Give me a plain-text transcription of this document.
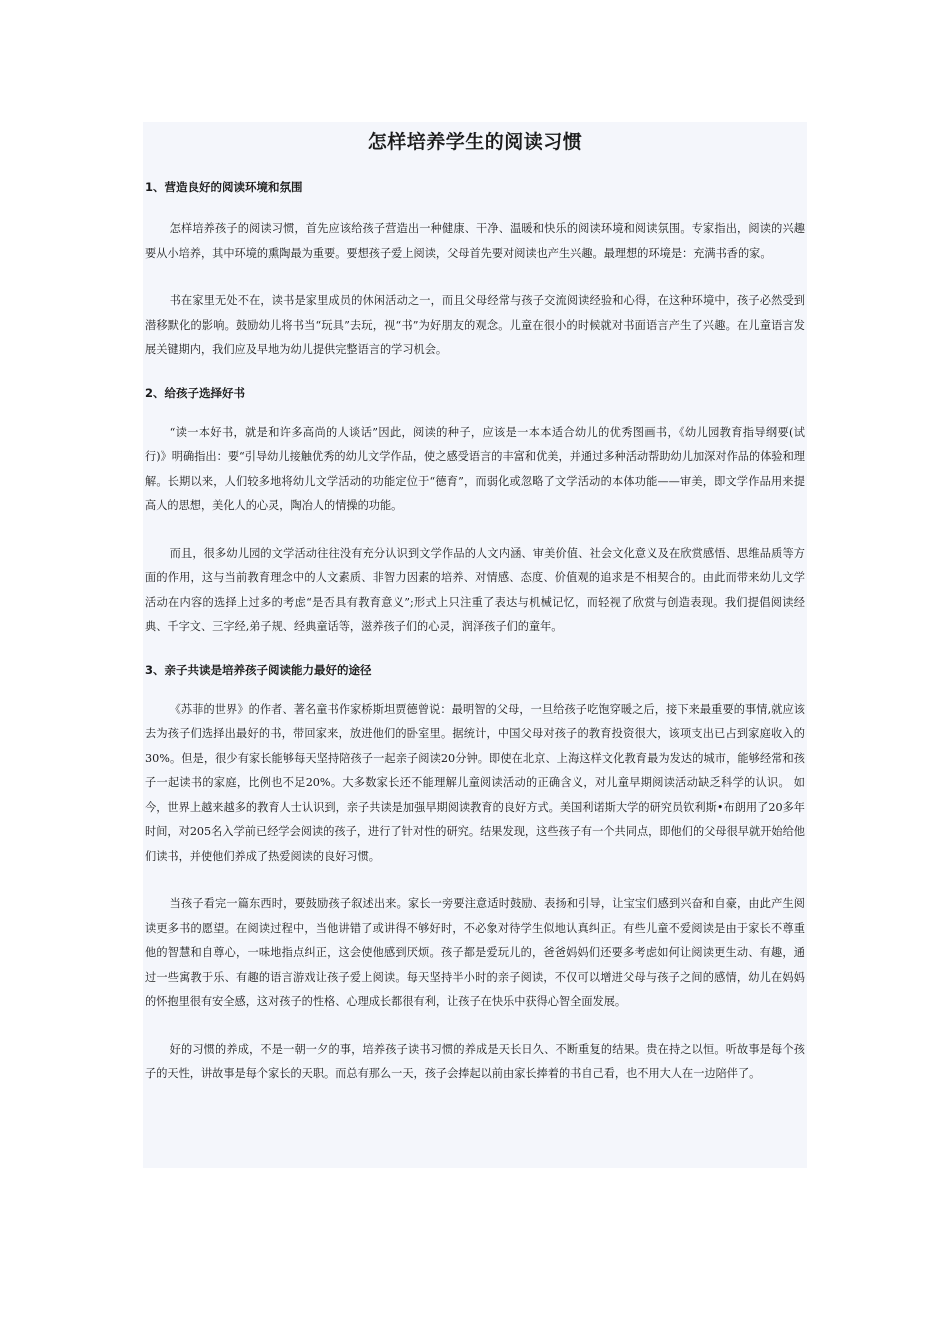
怎样培养学生的阅读习惯
1、营造良好的阅读环境和氛围

怎样培养孩子的阅读习惯，首先应该给孩子营造出一种健康、干净、温暖和快乐的阅读环境和阅读氛围。专家指出，阅读的兴趣要从小培养，其中环境的熏陶最为重要。要想孩子爱上阅读，父母首先要对阅读也产生兴趣。最理想的环境是：充满书香的家。

书在家里无处不在，读书是家里成员的休闲活动之一，而且父母经常与孩子交流阅读经验和心得，在这种环境中，孩子必然受到潜移默化的影响。鼓励幼儿将书当“玩具”去玩，视“书”为好朋友的观念。儿童在很小的时候就对书面语言产生了兴趣。在儿童语言发展关键期内，我们应及早地为幼儿提供完整语言的学习机会。

2、给孩子选择好书

“读一本好书，就是和许多高尚的人谈话”因此，阅读的种子，应该是一本本适合幼儿的优秀图画书，《幼儿园教育指导纲要(试行)》明确指出：要“引导幼儿接触优秀的幼儿文学作品，使之感受语言的丰富和优美，并通过多种活动帮助幼儿加深对作品的体验和理解。长期以来，人们较多地将幼儿文学活动的功能定位于“德育”，而弱化或忽略了文学活动的本体功能——审美，即文学作品用来提高人的思想，美化人的心灵，陶冶人的情操的功能。

而且，很多幼儿园的文学活动往往没有充分认识到文学作品的人文内涵、审美价值、社会文化意义及在欣赏感悟、思维品质等方面的作用，这与当前教育理念中的人文素质、非智力因素的培养、对情感、态度、价值观的追求是不相契合的。由此而带来幼儿文学活动在内容的选择上过多的考虑“是否具有教育意义”;形式上只注重了表达与机械记忆，而轻视了欣赏与创造表现。我们提倡阅读经典、千字文、三字经,弟子规、经典童话等，滋养孩子们的心灵，润泽孩子们的童年。

3、亲子共读是培养孩子阅读能力最好的途径

《苏菲的世界》的作者、著名童书作家桥斯坦贾德曾说：最明智的父母，一旦给孩子吃饱穿暖之后，接下来最重要的事情,就应该去为孩子们选择出最好的书，带回家来，放进他们的卧室里。据统计，中国父母对孩子的教育投资很大，该项支出已占到家庭收入的30%。但是，很少有家长能够每天坚持陪孩子一起亲子阅读20分钟。即使在北京、上海这样文化教育最为发达的城市，能够经常和孩子一起读书的家庭，比例也不足20%。大多数家长还不能理解儿童阅读活动的正确含义，对儿童早期阅读活动缺乏科学的认识。 如今，世界上越来越多的教育人士认识到，亲子共读是加强早期阅读教育的良好方式。美国利诺斯大学的研究员钦利斯•布朗用了20多年时间，对205名入学前已经学会阅读的孩子，进行了针对性的研究。结果发现，这些孩子有一个共同点，即他们的父母很早就开始给他们读书，并使他们养成了热爱阅读的良好习惯。

当孩子看完一篇东西时，要鼓励孩子叙述出来。家长一旁要注意适时鼓励、表扬和引导，让宝宝们感到兴奋和自豪，由此产生阅读更多书的愿望。在阅读过程中，当他讲错了或讲得不够好时，不必象对待学生似地认真纠正。有些儿童不爱阅读是由于家长不尊重他的智慧和自尊心，一味地指点纠正，这会使他感到厌烦。孩子都是爱玩儿的，爸爸妈妈们还要多考虑如何让阅读更生动、有趣，通过一些寓教于乐、有趣的语言游戏让孩子爱上阅读。每天坚持半小时的亲子阅读，不仅可以增进父母与孩子之间的感情，幼儿在妈妈的怀抱里很有安全感，这对孩子的性格、心理成长都很有利，让孩子在快乐中获得心智全面发展。

好的习惯的养成，不是一朝一夕的事，培养孩子读书习惯的养成是天长日久、不断重复的结果。贵在持之以恒。听故事是每个孩子的天性，讲故事是每个家长的天职。而总有那么一天，孩子会捧起以前由家长捧着的书自己看，也不用大人在一边陪伴了。
